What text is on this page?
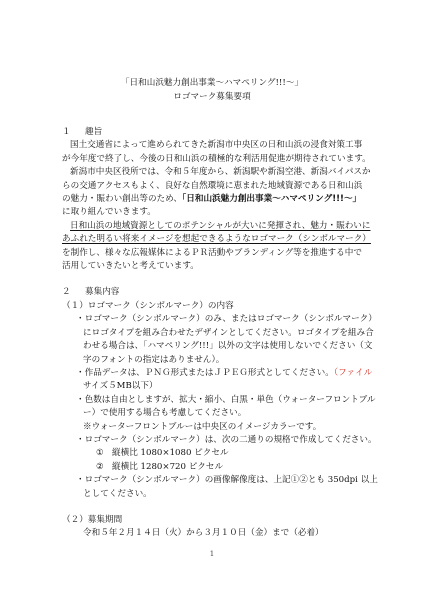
「日和山浜魅力創出事業～ハマペリング!!!～」
ロゴマーク募集要項
１ 趣旨
国土交通省によって進められてきた新潟市中央区の日和山浜の浸食対策工事
が今年度で終了し、今後の日和山浜の積極的な利活用促進が期待されています。
新潟市中央区役所では、令和５年度から、新潟駅や新潟空港、新潟バイパスか
らの交通アクセスもよく、良好な自然環境に恵まれた地域資源である日和山浜
の魅力・賑わい創出等のため、「日和山浜魅力創出事業～ハマペリング!!!～」
に取り組んでいきます。
日和山浜の地域資源としてのポテンシャルが大いに発揮され、魅力・賑わいに
あふれた明るい将来イメージを想起できるようなロゴマーク（シンボルマーク）
を制作し、様々な広報媒体によるＰＲ活動やブランディング等を推進する中で
活用していきたいと考えています。
２ 募集内容
（１）ロゴマーク（シンボルマーク）の内容
・ロゴマーク（シンボルマーク）のみ、またはロゴマーク（シンボルマーク）
にロゴタイプを組み合わせたデザインとしてください。ロゴタイプを組み合
わせる場合は、「ハマペリング!!!」以外の文字は使用しないでください（文
字のフォントの指定はありません）。
・作品データは、ＰＮＧ形式またはＪＰＥＧ形式としてください。（ファイル
サイズ５MB以下）
・色数は自由としますが、拡大・縮小、白黒・単色（ウォーターフロントブル
ー）で使用する場合も考慮してください。
※ウォーターフロントブルーは中央区のイメージカラーです。
・ロゴマーク（シンボルマーク）は、次の二通りの規格で作成してください。
① 縦横比 1080×1080 ピクセル
② 縦横比 1280×720 ピクセル
・ロゴマーク（シンボルマーク）の画像解像度は、上記①②とも 350dpi 以上
としてください。
（２）募集期間
令和５年２月１４日（火）から３月１０日（金）まで（必着）
1
